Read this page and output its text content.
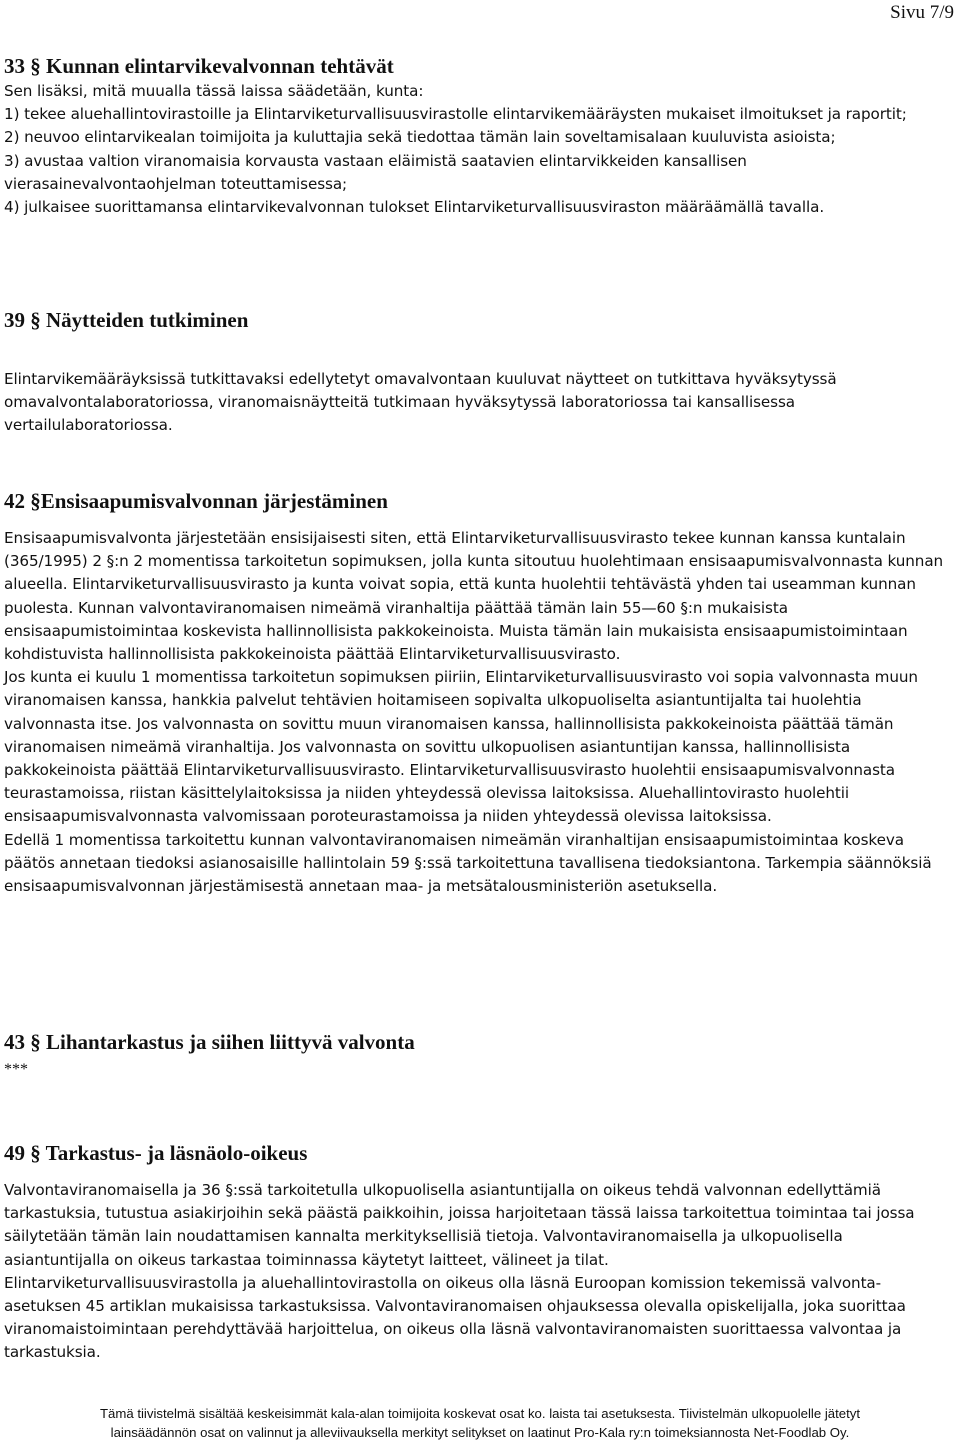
Sivu 7/9
33 § Kunnan elintarvikevalvonnan tehtävät

Sen lisäksi, mitä muualla tässä laissa säädetään, kunta:

1) tekee aluehallintovirastoille ja Elintarviketurvallisuusvirastolle elintarvikemääräysten mukaiset ilmoitukset ja raportit;

2) neuvoo elintarvikealan toimijoita ja kuluttajia sekä tiedottaa tämän lain soveltamisalaan kuuluvista asioista;

3) avustaa valtion viranomaisia korvausta vastaan eläimistä saatavien elintarvikkeiden kansallisen vierasainevalvontaohjelman toteuttamisessa;

4) julkaisee suorittamansa elintarvikevalvonnan tulokset Elintarviketurvallisuusviraston määräämällä tavalla.

39 § Näytteiden tutkiminen

Elintarvikemääräyksissä tutkittavaksi edellytetyt omavalvontaan kuuluvat näytteet on tutkittava hyväksytyssä omavalvontalaboratoriossa, viranomaisnäytteitä tutkimaan hyväksytyssä laboratoriossa tai kansallisessa vertailulaboratoriossa.

42 §Ensisaapumisvalvonnan järjestäminen

Ensisaapumisvalvonta järjestetään ensisijaisesti siten, että Elintarviketurvallisuusvirasto tekee kunnan kanssa kuntalain (365/1995) 2 §:n 2 momentissa tarkoitetun sopimuksen, jolla kunta sitoutuu huolehtimaan ensisaapumisvalvonnasta kunnan alueella. Elintarviketurvallisuusvirasto ja kunta voivat sopia, että kunta huolehtii tehtävästä yhden tai useamman kunnan puolesta. Kunnan valvontaviranomaisen nimeämä viranhaltija päättää tämän lain 55—60 §:n mukaisista ensisaapumistoimintaa koskevista hallinnollisista pakkokeinoista. Muista tämän lain mukaisista ensisaapumistoimintaan kohdistuvista hallinnollisista pakkokeinoista päättää Elintarviketurvallisuusvirasto.

Jos kunta ei kuulu 1 momentissa tarkoitetun sopimuksen piiriin, Elintarviketurvallisuusvirasto voi sopia valvonnasta muun viranomaisen kanssa, hankkia palvelut tehtävien hoitamiseen sopivalta ulkopuoliselta asiantuntijalta tai huolehtia valvonnasta itse. Jos valvonnasta on sovittu muun viranomaisen kanssa, hallinnollisista pakkokeinoista päättää tämän viranomaisen nimeämä viranhaltija. Jos valvonnasta on sovittu ulkopuolisen asiantuntijan kanssa, hallinnollisista pakkokeinoista päättää Elintarviketurvallisuusvirasto. Elintarviketurvallisuusvirasto huolehtii ensisaapumisvalvonnasta teurastamoissa, riistan käsittelylaitoksissa ja niiden yhteydessä olevissa laitoksissa. Aluehallintovirasto huolehtii ensisaapumisvalvonnasta valvomissaan poroteurastamoissa ja niiden yhteydessä olevissa laitoksissa.

Edellä 1 momentissa tarkoitettu kunnan valvontaviranomaisen nimeämän viranhaltijan ensisaapumistoimintaa koskeva päätös annetaan tiedoksi asianosaisille hallintolain 59 §:ssä tarkoitettuna tavallisena tiedoksiantona. Tarkempia säännöksiä ensisaapumisvalvonnan järjestämisestä annetaan maa- ja metsätalousministeriön asetuksella.

43 § Lihantarkastus ja siihen liittyvä valvonta
***
49 § Tarkastus- ja läsnäolo-oikeus

Valvontaviranomaisella ja 36 §:ssä tarkoitetulla ulkopuolisella asiantuntijalla on oikeus tehdä valvonnan edellyttämiä tarkastuksia, tutustua asiakirjoihin sekä päästä paikkoihin, joissa harjoitetaan tässä laissa tarkoitettua toimintaa tai jossa säilytetään tämän lain noudattamisen kannalta merkityksellisiä tietoja. Valvontaviranomaisella ja ulkopuolisella asiantuntijalla on oikeus tarkastaa toiminnassa käytetyt laitteet, välineet ja tilat.

Elintarviketurvallisuusvirastolla ja aluehallintovirastolla on oikeus olla läsnä Euroopan komission tekemissä valvonta-asetuksen 45 artiklan mukaisissa tarkastuksissa. Valvontaviranomaisen ohjauksessa olevalla opiskelijalla, joka suorittaa viranomaistoimintaan perehdyttävää harjoittelua, on oikeus olla läsnä valvontaviranomaisten suorittaessa valvontaa ja tarkastuksia.

Tämä tiivistelmä sisältää keskeisimmät kala-alan toimijoita koskevat osat ko. laista tai asetuksesta. Tiivistelmän ulkopuolelle jätetyt
lainsäädännön osat on valinnut ja alleviivauksella merkityt selitykset on laatinut Pro-Kala ry:n toimeksiannosta Net-Foodlab Oy.
